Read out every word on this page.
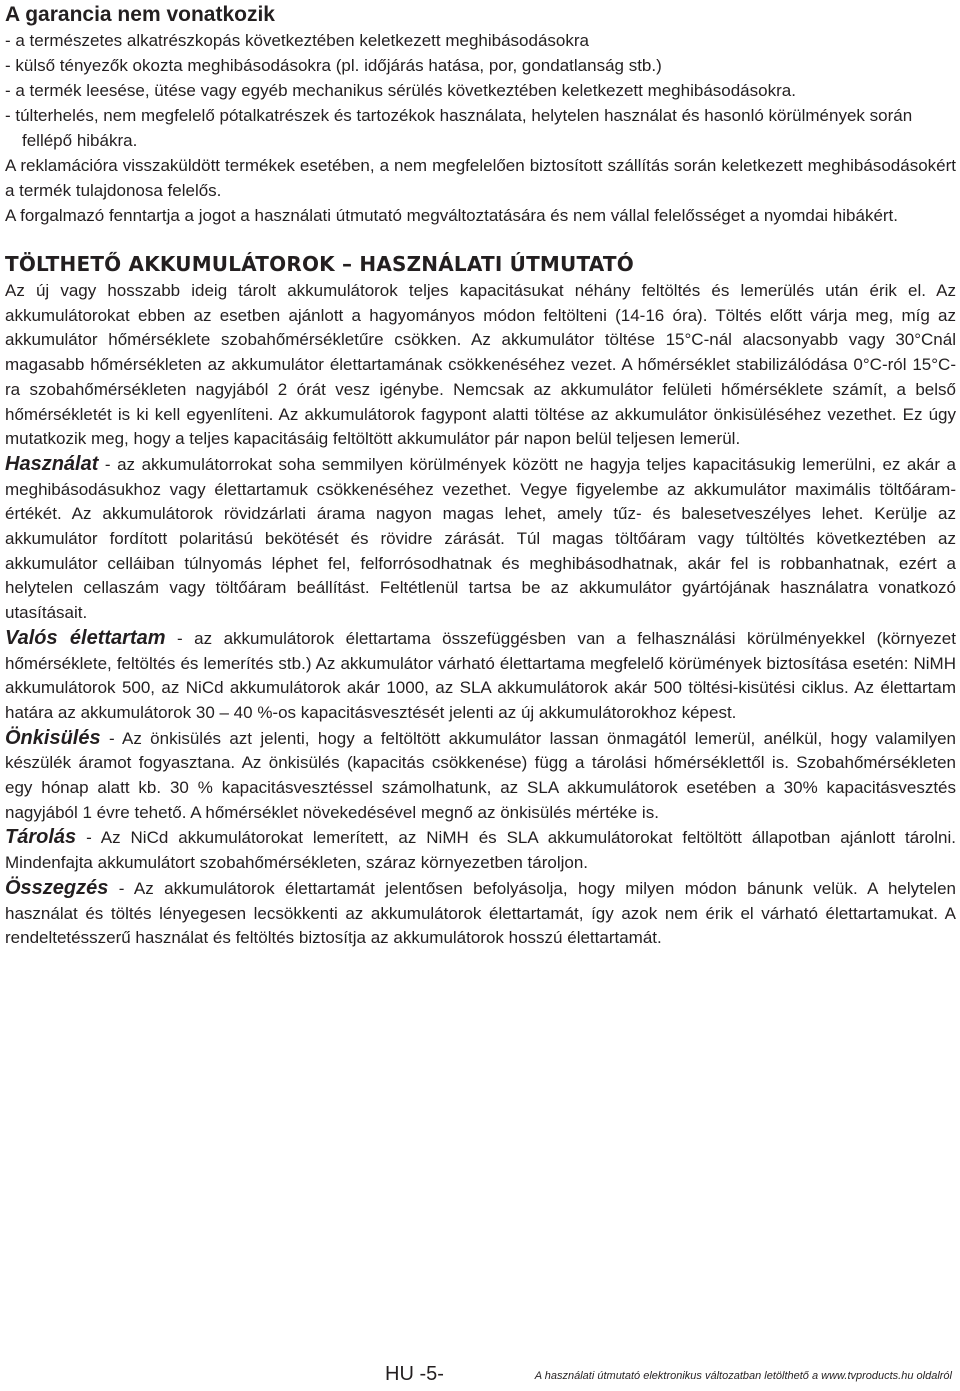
A garancia nem vonatkozik
- a természetes alkatrészkopás következtében keletkezett meghibásodásokra
- külső tényezők okozta meghibásodásokra (pl. időjárás hatása, por, gondatlanság stb.)
- a termék leesése, ütése vagy egyéb mechanikus sérülés következtében keletkezett meghibásodásokra.
- túlterhelés, nem megfelelő pótalkatrészek és tartozékok használata, helytelen használat és hasonló körülmények során fellépő hibákra.

A reklamációra visszaküldött termékek esetében, a nem megfelelően biztosított szállítás során keletkezett meghibásodásokért a termék tulajdonosa felelős.

A forgalmazó fenntartja a jogot a használati útmutató megváltoztatására és nem vállal felelősséget a nyomdai hibákért.

TÖLTHETŐ AKKUMULÁTOROK – HASZNÁLATI ÚTMUTATÓ

Az új vagy hosszabb ideig tárolt akkumulátorok teljes kapacitásukat néhány feltöltés és lemerülés után érik el. Az akkumulátorokat ebben az esetben ajánlott a hagyományos módon feltölteni (14-16 óra). Töltés előtt várja meg, míg az akkumulátor hőmérséklete szobahőmérsékletűre csökken. Az akkumulátor töltése 15°C-nál alacsonyabb vagy 30°Cnál magasabb hőmérsékleten az akkumulátor élettartamának csökkenéséhez vezet. A hőmérséklet stabilizálódása 0°C-ról 15°C-ra szobahőmérsékleten nagyjából 2 órát vesz igénybe. Nemcsak az akkumulátor felületi hőmérséklete számít, a belső hőmérsékletét is ki kell egyenlíteni. Az akkumulátorok fagypont alatti töltése az akkumulátor önkisüléséhez vezethet. Ez úgy mutatkozik meg, hogy a teljes kapacitásáig feltöltött akkumulátor pár napon belül teljesen lemerül.

Használat - az akkumulátorrokat soha semmilyen körülmények között ne hagyja teljes kapacitásukig lemerülni, ez akár a meghibásodásukhoz vagy élettartamuk csökkenéséhez vezethet. Vegye figyelembe az akkumulátor maximális töltőáram-értékét. Az akkumulátorok rövidzárlati árama nagyon magas lehet, amely tűz- és balesetveszélyes lehet. Kerülje az akkumulátor fordított polaritású bekötését és rövidre zárását. Túl magas töltőáram vagy túltöltés következtében az akkumulátor celláiban túlnyomás léphet fel, felforrósodhatnak és meghibásodhatnak, akár fel is robbanhatnak, ezért a helytelen cellaszám vagy töltőáram beállítást. Feltétlenül tartsa be az akkumulátor gyártójának használatra vonatkozó utasításait.

Valós élettartam - az akkumulátorok élettartama összefüggésben van a felhasználási körülményekkel (környezet hőmérséklete, feltöltés és lemerítés stb.) Az akkumulátor várható élettartama megfelelő körümények biztosítása esetén: NiMH akkumulátorok 500, az NiCd akkumulátorok akár 1000, az SLA akkumulátorok akár 500 töltési-kisütési ciklus. Az élettartam határa az akkumulátorok 30 – 40 %-os kapacitásvesztését jelenti az új akkumulátorokhoz képest.

Önkisülés - Az önkisülés azt jelenti, hogy a feltöltött akkumulátor lassan önmagától lemerül, anélkül, hogy valamilyen készülék áramot fogyasztana. Az önkisülés (kapacitás csökkenése) függ a tárolási hőmérséklettől is. Szobahőmérsékleten egy hónap alatt kb. 30 % kapacitásvesztéssel számolhatunk, az SLA akkumulátorok esetében a 30% kapacitásvesztés nagyjából 1 évre tehető. A hőmérséklet növekedésével megnő az önkisülés mértéke is.

Tárolás - Az NiCd akkumulátorokat lemerített, az NiMH és SLA akkumulátorokat feltöltött állapotban ajánlott tárolni. Mindenfajta akkumulátort szobahőmérsékleten, száraz környezetben tároljon.

Összegzés - Az akkumulátorok élettartamát jelentősen befolyásolja, hogy milyen módon bánunk velük. A helytelen használat és töltés lényegesen lecsökkenti az akkumulátorok élettartamát, így azok nem érik el várható élettartamukat. A rendeltetésszerű használat és feltöltés biztosítja az akkumulátorok hosszú élettartamát.

HU -5-	A használati útmutató elektronikus változatban letölthető a www.tvproducts.hu oldalról
